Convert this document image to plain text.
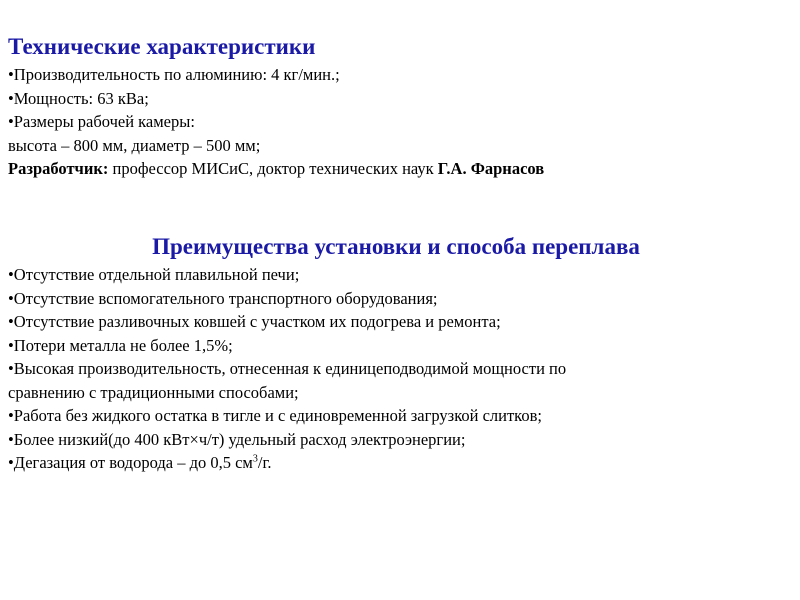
Технические характеристики
•Производительность по алюминию: 4 кг/мин.;
•Мощность: 63 кВа;
•Размеры рабочей камеры:
высота – 800 мм, диаметр – 500 мм;
Разработчик: профессор МИСиС, доктор технических наук Г.А. Фарнасов
Преимущества установки и способа переплава
•Отсутствие отдельной плавильной печи;
•Отсутствие вспомогательного транспортного оборудования;
•Отсутствие разливочных ковшей с участком их подогрева и ремонта;
•Потери металла не более 1,5%;
•Высокая производительность, отнесенная к единицеподводимой мощности по
сравнению с традиционными способами;
•Работа без жидкого остатка в тигле и с единовременной загрузкой слитков;
•Более низкий(до 400 кВт×ч/т) удельный расход электроэнергии;
•Дегазация от водорода – до 0,5 $см^3/г$.
